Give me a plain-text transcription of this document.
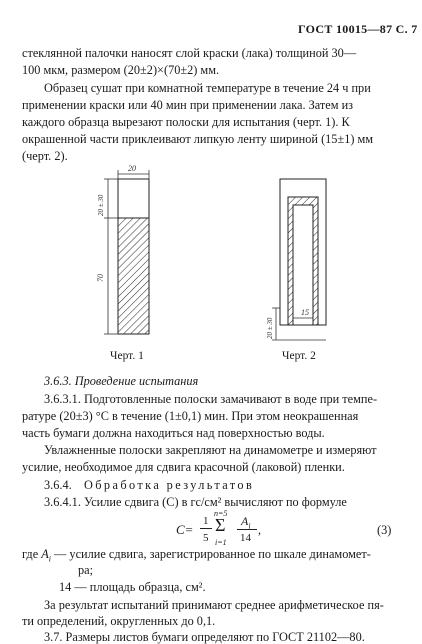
ГОСТ 10015—87 С. 7
стеклянной палочки наносят слой краски (лака) толщиной 30—
100 мкм, размером (20±2)×(70±2) мм.
Образец сушат при комнатной температуре в течение 24 ч при
применении краски или 40 мин при применении лака. Затем из
каждого образца вырезают полоски для испытания (черт. 1). К
окрашенной части приклеивают липкую ленту шириной (15±1) мм
(черт. 2).
20
20 ± 30
70
15
20 ± 30
Черт. 1	Черт. 2
3.6.3. Проведение испытания
3.6.3.1. Подготовленные полоски замачивают в воде при темпе-
ратуре (20±3) °С в течение (1±0,1) мин. При этом неокрашенная
часть бумаги должна находиться над поверхностью воды.
Увлажненные полоски закрепляют на динамометре и измеряют
усилие, необходимое для сдвига красочной (лаковой) пленки.
3.6.4. Обработка результатов
3.6.4.1. Усилие сдвига (С) в гс/см² вычисляют по формуле
C=
1
5
n=5
Σ
i=1
$A_i$
14
,	(3)
где $A_i$ — усилие сдвига, зарегистрированное по шкале динамомет-
ра;
14 — площадь образца, см².
За результат испытаний принимают среднее арифметическое пя-
ти определений, округленных до 0,1.
3.7. Размеры листов бумаги определяют по ГОСТ 21102—80.
